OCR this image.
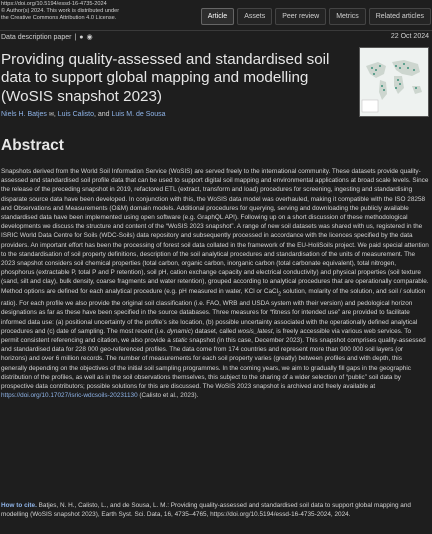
https://doi.org/10.5194/essd-16-4735-2024
© Author(s) 2024. This work is distributed under
the Creative Commons Attribution 4.0 License.	Article	Assets	Peer review	Metrics	Related articles
Data description paper | ● ◉	22 Oct 2024
Providing quality-assessed and standardised soil data to support global mapping and modelling (WoSIS snapshot 2023)
Niels H. Batjes ✉, Luis Calisto, and Luis M. de Sousa
Abstract

Snapshots derived from the World Soil Information Service (WoSIS) are served freely to the international community. These datasets provide quality-assessed and standardised soil profile data that can be used to support digital soil mapping and environmental applications at broad scale levels. Since the release of the preceding snapshot in 2019, refactored ETL (extract, transform and load) procedures for screening, ingesting and standardising disparate source data have been developed. In conjunction with this, the WoSIS data model was overhauled, making it compatible with the ISO 28258 and Observations and Measurements (O&M) domain models. Additional procedures for querying, serving and downloading the publicly available standardised data have been implemented using open software (e.g. GraphQL API). Following up on a short discussion of these methodological developments we discuss the structure and content of the “WoSIS 2023 snapshot”. A range of new soil datasets was shared with us, registered in the ISRIC World Data Centre for Soils (WDC-Soils) data repository and subsequently processed in accordance with the licences specified by the data providers. An important effort has been the processing of forest soil data collated in the framework of the EU-HoliSoils project. We paid special attention to the standardisation of soil property definitions, description of the soil analytical procedures and standardisation of the units of measurement. The 2023 snapshot considers soil chemical properties (total carbon, organic carbon, inorganic carbon (total carbonate equivalent), total nitrogen, phosphorus (extractable P, total P and P retention), soil pH, cation exchange capacity and electrical conductivity) and physical properties (soil texture (sand, silt and clay), bulk density, coarse fragments and water retention), grouped according to analytical procedures that are operationally comparable. Method options are defined for each analytical procedure (e.g. pH measured in water, KCl or CaCl$_2$ solution, molarity of the solution, and soil / solution ratio). For each profile we also provide the original soil classification (i.e. FAO, WRB and USDA system with their version) and pedological horizon designations as far as these have been specified in the source databases. Three measures for “fitness for intended use” are provided to facilitate informed data use: (a) positional uncertainty of the profile’s site location, (b) possible uncertainty associated with the operationally defined analytical procedures and (c) date of sampling. The most recent (i.e. dynamic) dataset, called wosis_latest, is freely accessible via various web services. To permit consistent referencing and citation, we also provide a static snapshot (in this case, December 2023). This snapshot comprises quality-assessed and standardised data for 228 000 geo-referenced profiles. The data come from 174 countries and represent more than 900 000 soil layers (or horizons) and over 6 million records. The number of measurements for each soil property varies (greatly) between profiles and with depth, this generally depending on the objectives of the initial soil sampling programmes. In the coming years, we aim to gradually fill gaps in the geographic distribution of the profiles, as well as in the soil observations themselves, this subject to the sharing of a wider selection of “public” soil data by prospective data contributors; possible solutions for this are discussed. The WoSIS 2023 snapshot is archived and freely available at https://doi.org/10.17027/isric-wdcsoils-20231130 (Calisto et al., 2023).

How to cite. Batjes, N. H., Calisto, L., and de Sousa, L. M.: Providing quality-assessed and standardised soil data to support global mapping and modelling (WoSIS snapshot 2023), Earth Syst. Sci. Data, 16, 4735–4765, https://doi.org/10.5194/essd-16-4735-2024, 2024.
